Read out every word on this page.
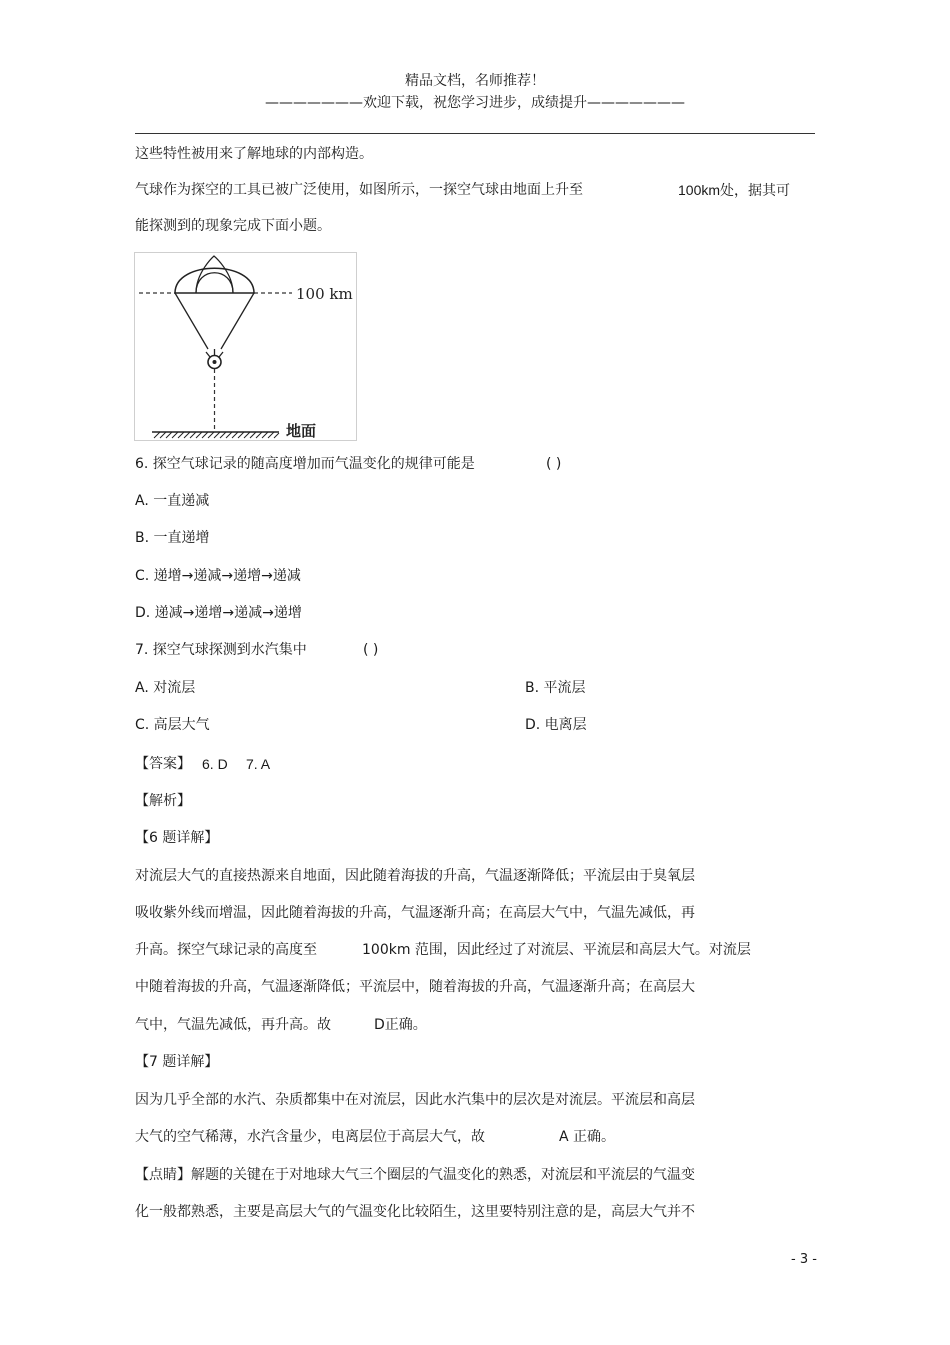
精品文档，名师推荐！
———————欢迎下载，祝您学习进步，成绩提升———————
这些特性被用来了解地球的内部构造。
气球作为探空的工具已被广泛使用，如图所示，一探空气球由地面上升至	100km处，据其可
能探测到的现象完成下面小题。
100 km
地面
6. 探空气球记录的随高度增加而气温变化的规律可能是	( )
A. 一直递减
B. 一直递增
C. 递增→递减→递增→递减
D. 递减→递增→递减→递增
7. 探空气球探测到水汽集中	( )
A. 对流层	B. 平流层
C. 高层大气	D. 电离层
【答案】 6. D 7. A
【解析】
【6 题详解】
对流层大气的直接热源来自地面，因此随着海拔的升高，气温逐渐降低；平流层由于臭氧层
吸收紫外线而增温，因此随着海拔的升高，气温逐渐升高；在高层大气中，气温先减低，再
升高。探空气球记录的高度至	100km 范围，因此经过了对流层、平流层和高层大气。对流层
中随着海拔的升高，气温逐渐降低；平流层中，随着海拔的升高，气温逐渐升高；在高层大
气中，气温先减低，再升高。故	D正确。
【7 题详解】
因为几乎全部的水汽、杂质都集中在对流层，因此水汽集中的层次是对流层。平流层和高层
大气的空气稀薄，水汽含量少，电离层位于高层大气，故	A 正确。
【点睛】解题的关键在于对地球大气三个圈层的气温变化的熟悉，对流层和平流层的气温变
化一般都熟悉，主要是高层大气的气温变化比较陌生，这里要特别注意的是，高层大气并不
- 3 -
